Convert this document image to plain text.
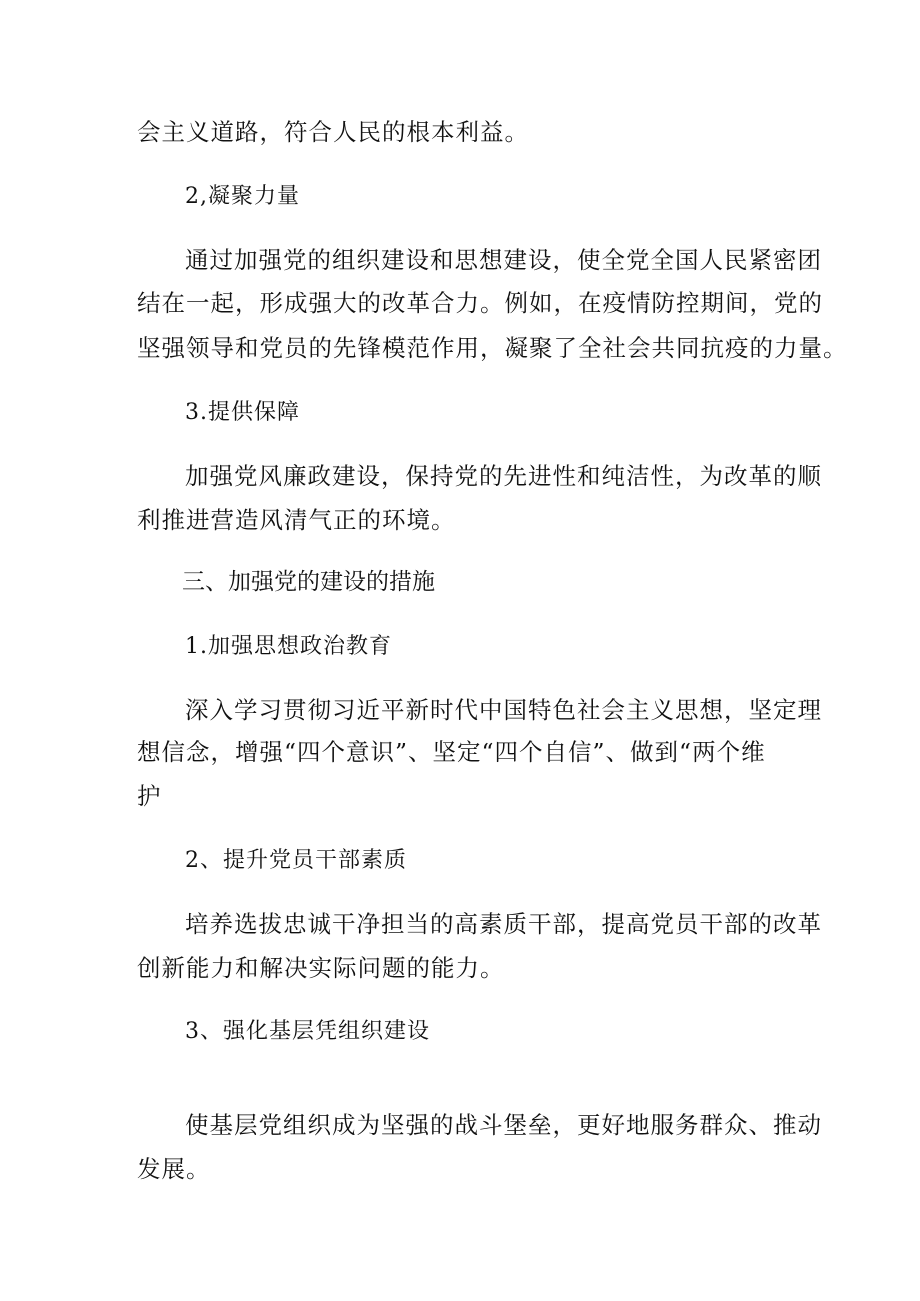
会主义道路，符合人民的根本利益。
2,凝聚力量
通过加强党的组织建设和思想建设，使全党全国人民紧密团
结在一起，形成强大的改革合力。例如，在疫情防控期间，党的
坚强领导和党员的先锋模范作用，凝聚了全社会共同抗疫的力量。
3.提供保障
加强党风廉政建设，保持党的先进性和纯洁性，为改革的顺
利推进营造风清气正的环境。
三、加强党的建设的措施
1.加强思想政治教育
深入学习贯彻习近平新时代中国特色社会主义思想，坚定理
想信念，增强“四个意识”、坚定“四个自信”、做到“两个维
护
2、提升党员干部素质
培养选拔忠诚干净担当的高素质干部，提高党员干部的改革
创新能力和解决实际问题的能力。
3、强化基层凭组织建设
使基层党组织成为坚强的战斗堡垒，更好地服务群众、推动
发展。
